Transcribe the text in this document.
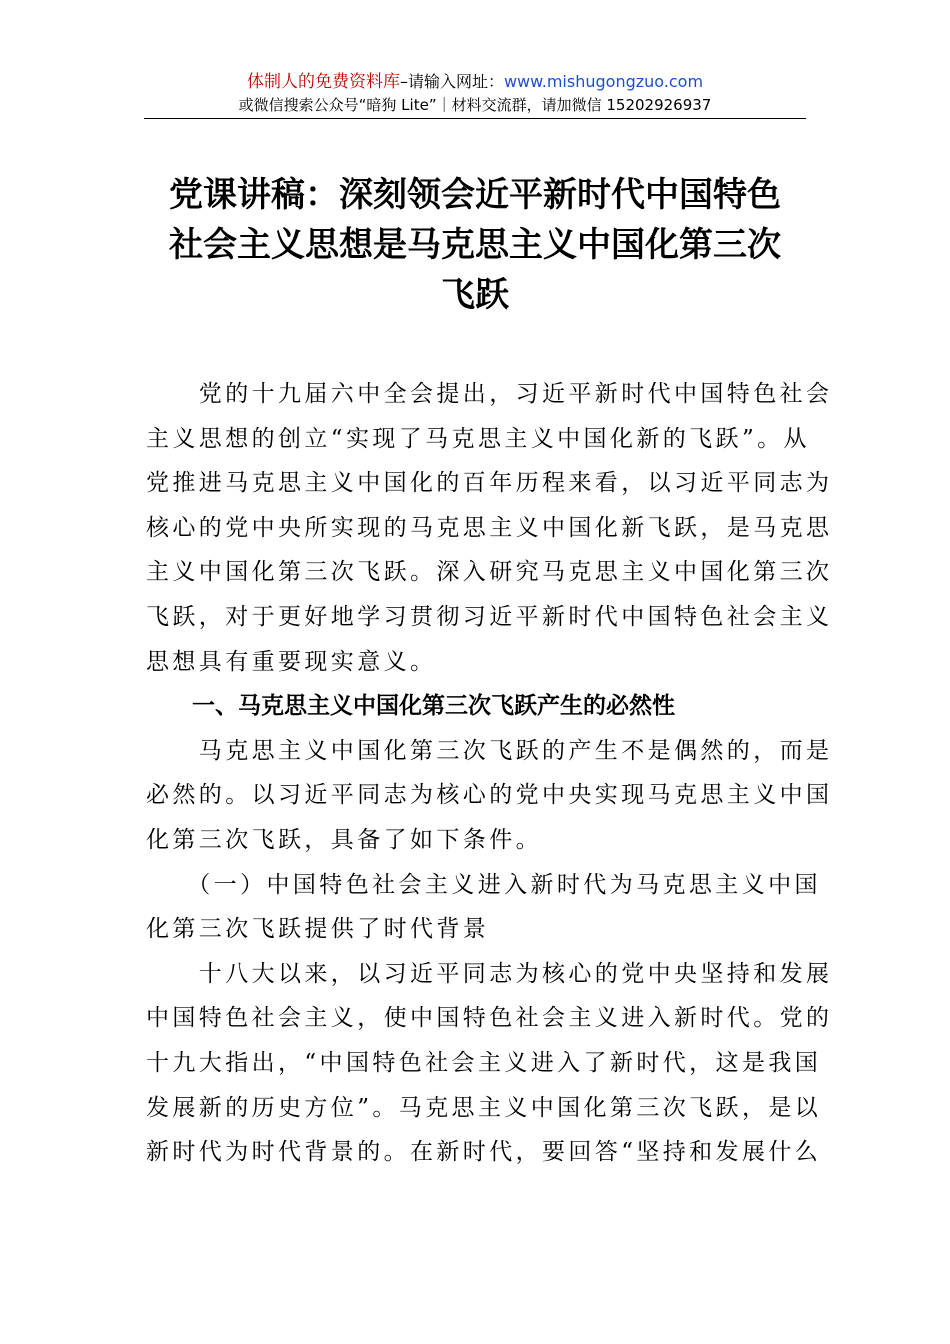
体制人的免费资料库–请输入网址：www.mishugongzuo.com
或微信搜索公众号“暗狗 Lite”｜材料交流群，请加微信 15202926937
党课讲稿：深刻领会近平新时代中国特色
社会主义思想是马克思主义中国化第三次
飞跃
　　党的十九届六中全会提出，习近平新时代中国特色社会
主义思想的创立“实现了马克思主义中国化新的飞跃”。从
党推进马克思主义中国化的百年历程来看，以习近平同志为
核心的党中央所实现的马克思主义中国化新飞跃，是马克思
主义中国化第三次飞跃。深入研究马克思主义中国化第三次
飞跃，对于更好地学习贯彻习近平新时代中国特色社会主义
思想具有重要现实意义。
　　一、马克思主义中国化第三次飞跃产生的必然性
　　马克思主义中国化第三次飞跃的产生不是偶然的，而是
必然的。以习近平同志为核心的党中央实现马克思主义中国
化第三次飞跃，具备了如下条件。
　　（一）中国特色社会主义进入新时代为马克思主义中国
化第三次飞跃提供了时代背景
　　十八大以来，以习近平同志为核心的党中央坚持和发展
中国特色社会主义，使中国特色社会主义进入新时代。党的
十九大指出，“中国特色社会主义进入了新时代，这是我国
发展新的历史方位”。马克思主义中国化第三次飞跃，是以
新时代为时代背景的。在新时代，要回答“坚持和发展什么
